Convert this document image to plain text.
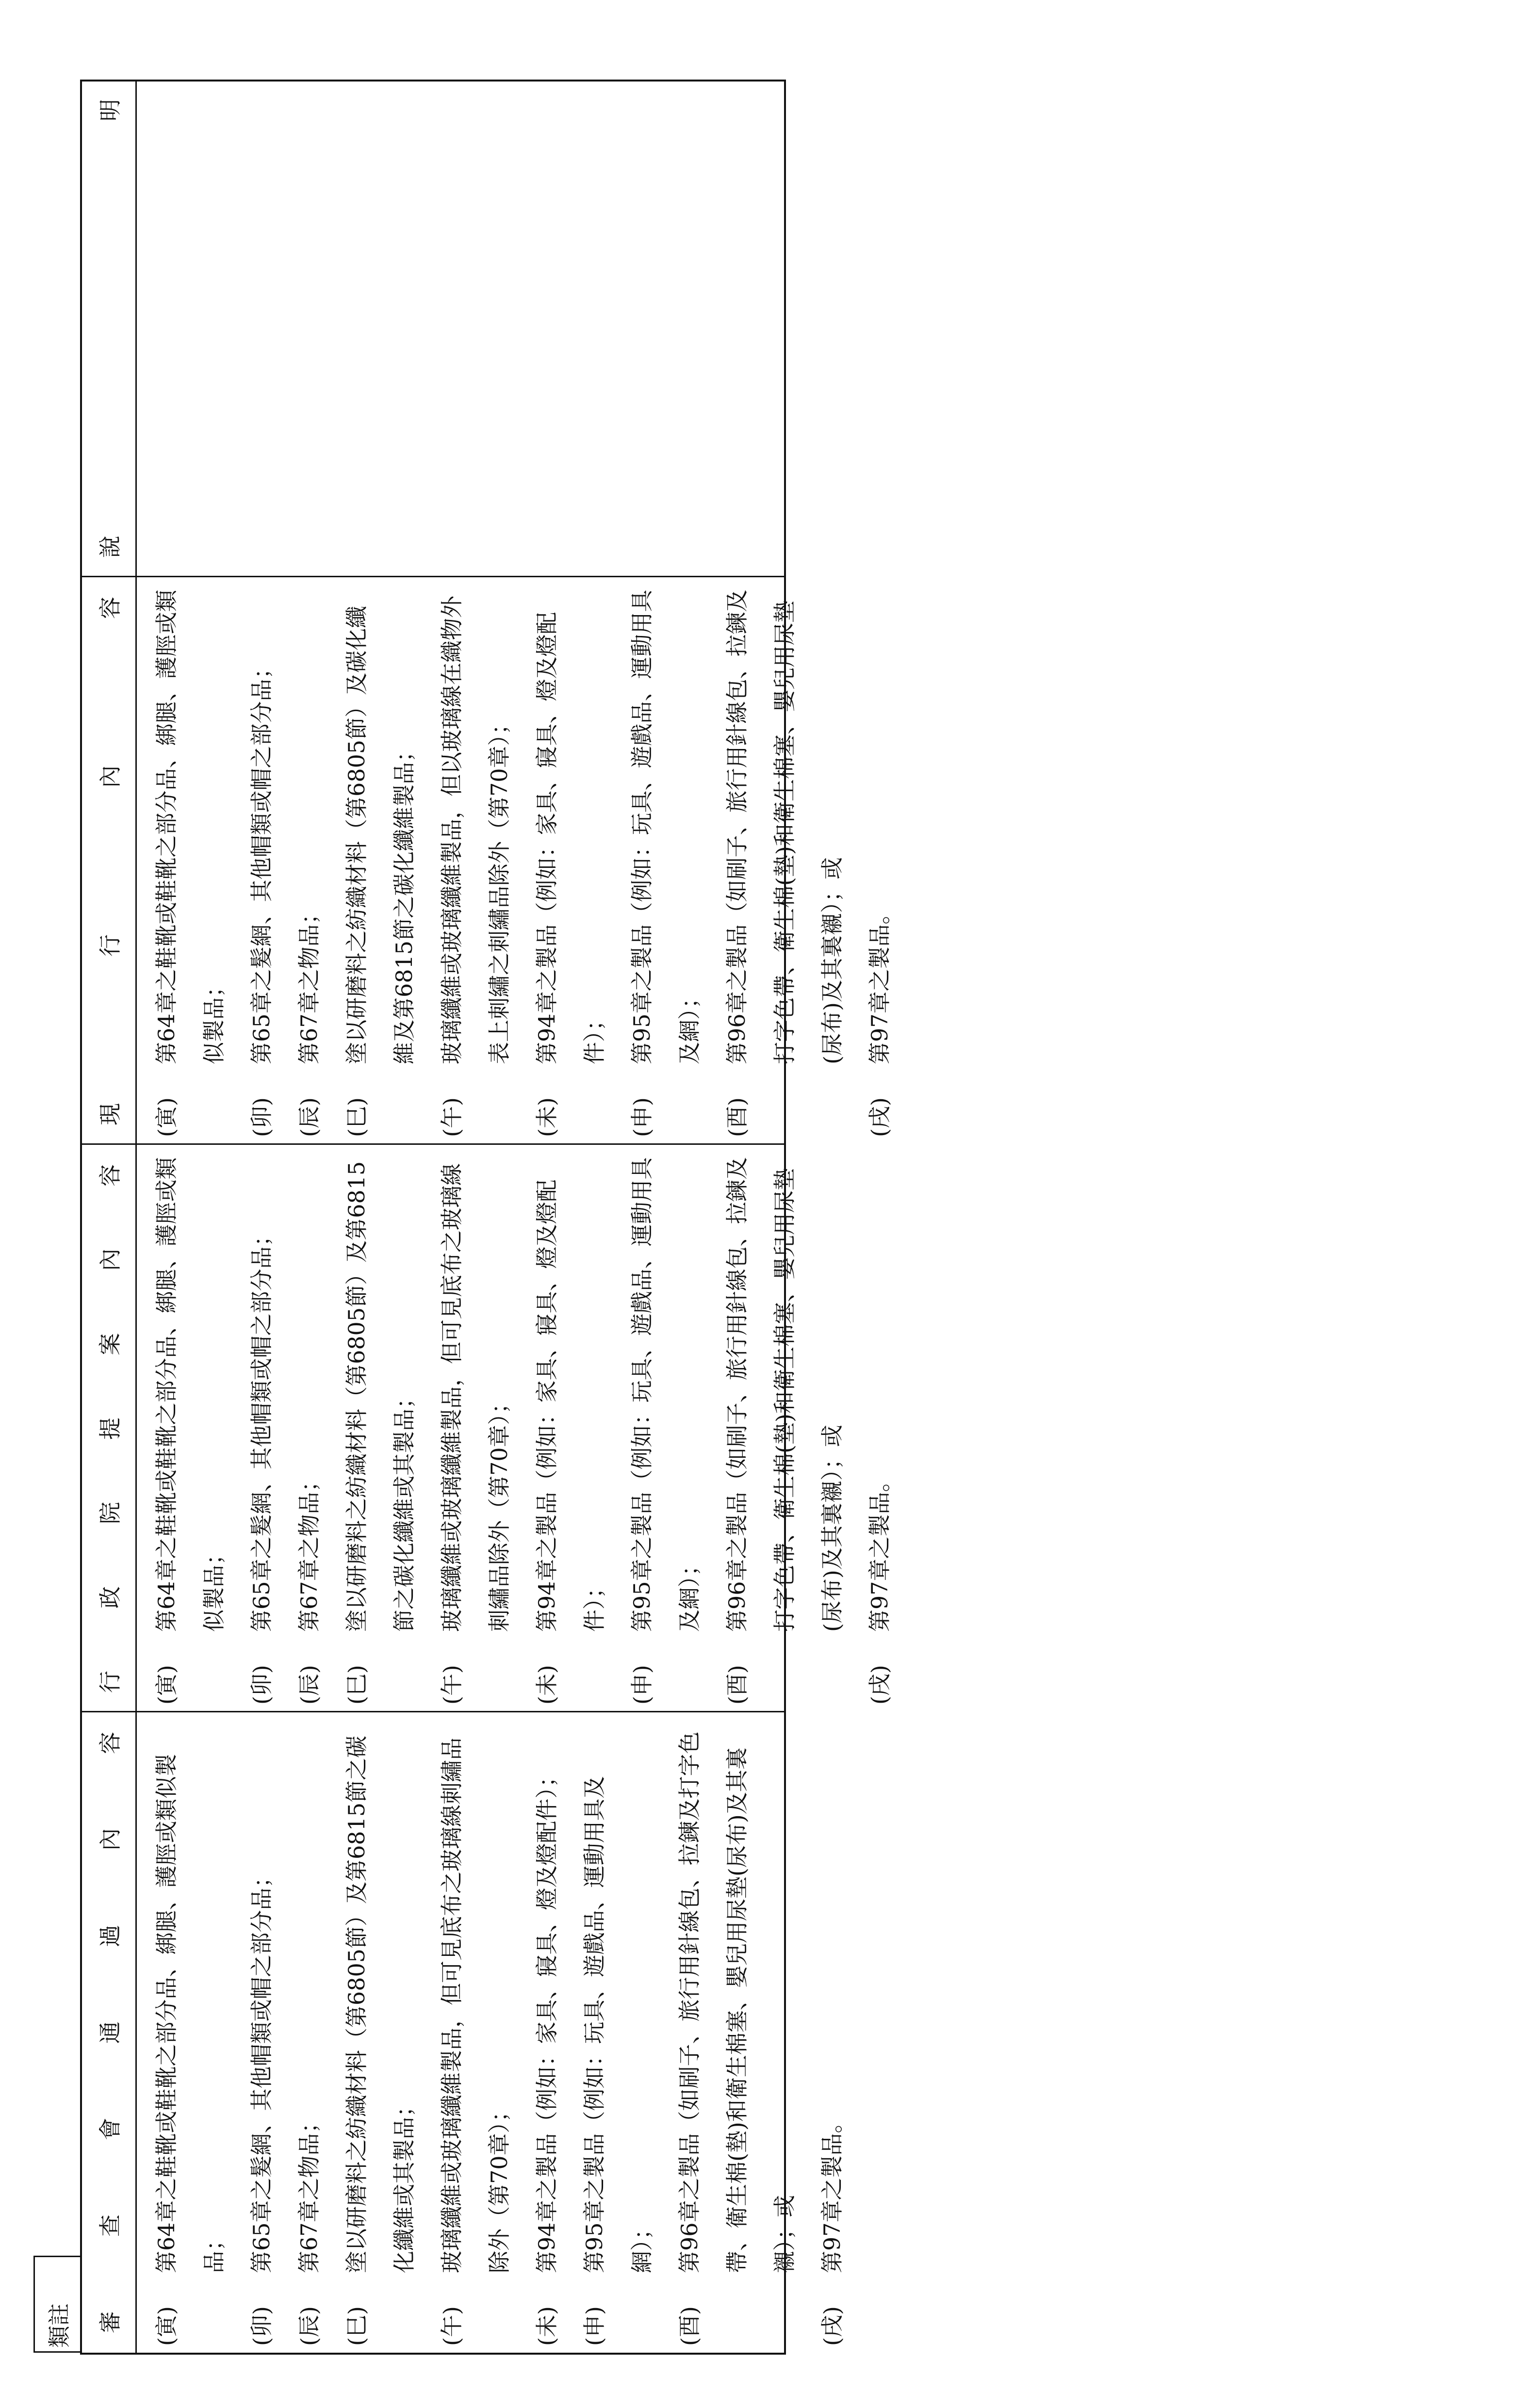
類註 審
查
會
通
過
內
容
行
政
院
提
案
內
容
現
行
內
容
說
明
(寅)
第64章之鞋靴或鞋靴之部分品、綁腿、護脛或類似製品；
(卯)
第65章之髮網、其他帽類或帽之部分品；
(辰)
第67章之物品；
(巳)
塗以研磨料之紡織材料（第6805節）及第6815節之碳化纖維或其製品；
(午)
玻璃纖維或玻璃纖維製品，但可見底布之玻璃線刺繡品除外（第70章）；
(未)
第94章之製品（例如：家具、寢具、燈及燈配件）；
(申)
第95章之製品（例如：玩具、遊戲品、運動用具及網）；
(酉)
第96章之製品（如刷子、旅行用針線包、拉鍊及打字色帶、衛生棉(墊)和衛生棉塞、嬰兒用尿墊(尿布)及其裏襯）；或
(戌)
第97章之製品。
(寅)
第64章之鞋靴或鞋靴之部分品、綁腿、護脛或類似製品；
(卯)
第65章之髮網、其他帽類或帽之部分品；
(辰)
第67章之物品；
(巳)
塗以研磨料之紡織材料（第6805節）及第6815節之碳化纖維或其製品；
(午)
玻璃纖維或玻璃纖維製品，但可見底布之玻璃線刺繡品除外（第70章）；
(未)
第94章之製品（例如：家具、寢具、燈及燈配件）；
(申)
第95章之製品（例如：玩具、遊戲品、運動用具及網）；
(酉)
第96章之製品（如刷子、旅行用針線包、拉鍊及打字色帶、衛生棉(墊)和衛生棉塞、嬰兒用尿墊(尿布)及其裏襯）；或
(戌)
第97章之製品。
(寅)
第64章之鞋靴或鞋靴之部分品、綁腿、護脛或類似製品；
(卯)
第65章之髮網、其他帽類或帽之部分品；
(辰)
第67章之物品；
(巳)
塗以研磨料之紡織材料（第6805節）及碳化纖維及第6815節之碳化纖維製品；
(午)
玻璃纖維或玻璃纖維製品，但以玻璃線在織物外表上刺繡之刺繡品除外（第70章）；
(未)
第94章之製品（例如：家具、寢具、燈及燈配件）；
(申)
第95章之製品（例如：玩具、遊戲品、運動用具及網）；
(酉)
第96章之製品（如刷子、旅行用針線包、拉鍊及打字色帶、衛生棉(墊)和衛生棉塞、嬰兒用尿墊(尿布)及其裏襯）；或
(戌)
第97章之製品。
